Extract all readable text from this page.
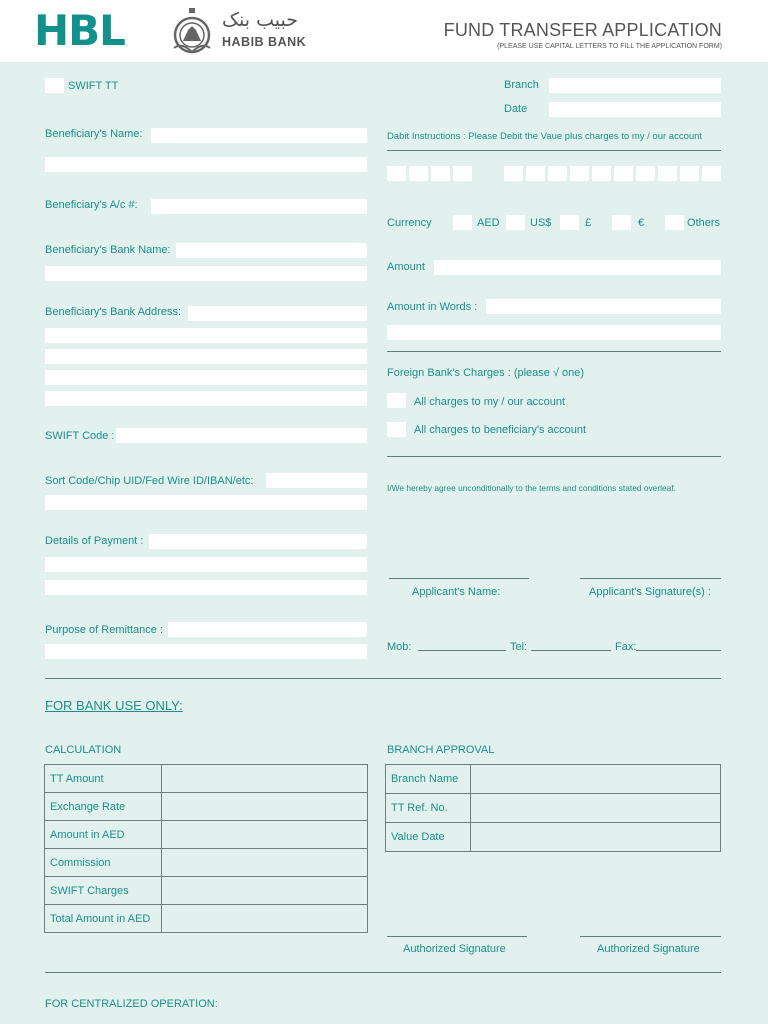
HBL	حبیب بنک
HABIB BANK
FUND TRANSFER APPLICATION
(PLEASE USE CAPITAL LETTERS TO FILL THE APPLICATION FORM)
SWIFT TT
Beneficiary's Name:
Beneficiary's A/c #:
Beneficiary's Bank Name:
Beneficiary's Bank Address:
SWIFT Code :
Sort Code/Chip UID/Fed Wire ID/IBAN/etc:
Details of Payment :
Purpose of Remittance :
Branch
Date
Dabit Instructions : Please Debit the Vaue plus charges to my / our account
Currency	AED	US$	£	€	Others
Amount
Amount in Words :
Foreign Bank's Charges : (please √ one)
All charges to my / our account
All charges to beneficiary's account
I/We hereby agree unconditionally to the terms and conditions stated overleaf.
Applicant's Name:	Applicant's Signature(s) :
Mob:	Tel:	Fax:
FOR BANK USE ONLY:
CALCULATION
TT Amount	
Exchange Rate	
Amount in AED	
Commission	
SWIFT Charges	
Total Amount in AED	
BRANCH APPROVAL
Branch Name	
TT Ref. No.	
Value Date	
Authorized Signature	Authorized Signature
FOR CENTRALIZED OPERATION:
